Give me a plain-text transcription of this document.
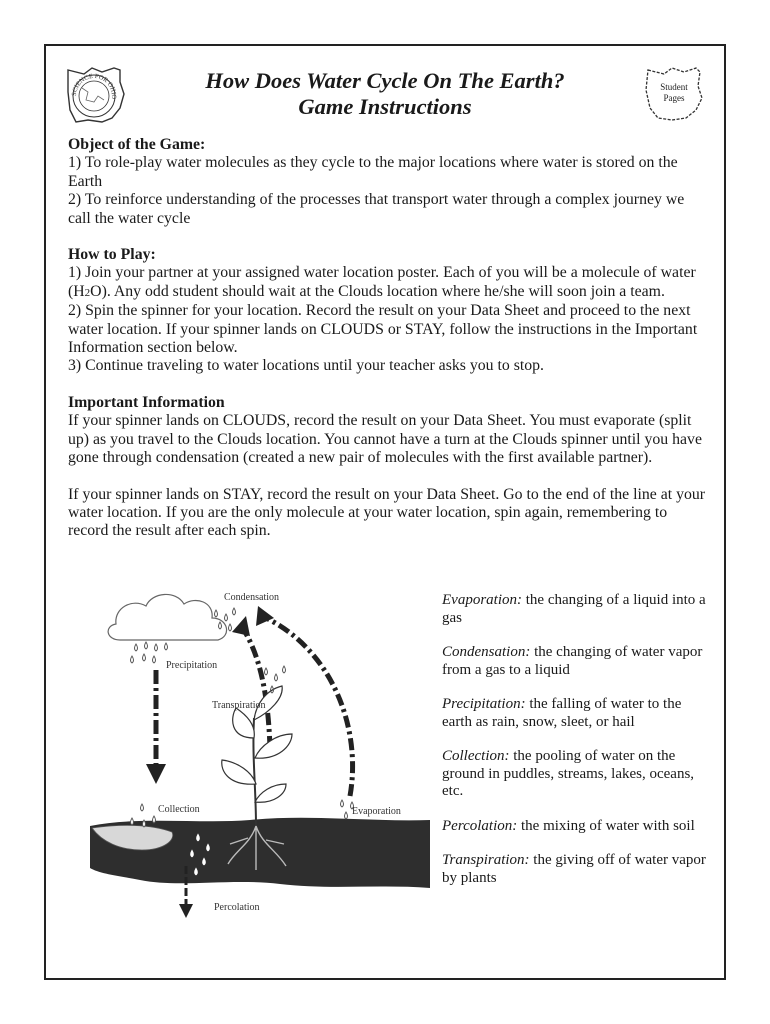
SCIENCE FOR OHIO
Student
Pages
How Does Water Cycle On The Earth?
Game Instructions
Object of the Game:

1) To role-play water molecules as they cycle to the major locations where water is stored on the Earth

2) To reinforce understanding of the processes that transport water through a complex journey we call the water cycle

How to Play:

1) Join your partner at your assigned water location poster. Each of you will be a molecule of water (H2O). Any odd student should wait at the Clouds location where he/she will soon join a team.

2) Spin the spinner for your location. Record the result on your Data Sheet and proceed to the next water location. If your spinner lands on CLOUDS or STAY, follow the instructions in the Important Information section below.

3) Continue traveling to water locations until your teacher asks you to stop.

Important Information

If your spinner lands on CLOUDS, record the result on your Data Sheet. You must evaporate (split up) as you travel to the Clouds location. You cannot have a turn at the Clouds spinner until you have gone through condensation (created a new pair of molecules with the first available partner).

If your spinner lands on STAY, record the result on your Data Sheet. Go to the end of the line at your water location. If you are the only molecule at your water location, spin again, remembering to record the result after each spin.

Condensation
Precipitation
Transpiration
Collection	Evaporation
Percolation

Evaporation: the changing of a liquid into a gas

Condensation: the changing of water vapor from a gas to a liquid

Precipitation: the falling of water to the earth as rain, snow, sleet, or hail

Collection: the pooling of water on the ground in puddles, streams, lakes, oceans, etc.

Percolation: the mixing of water with soil

Transpiration: the giving off of water vapor by plants
